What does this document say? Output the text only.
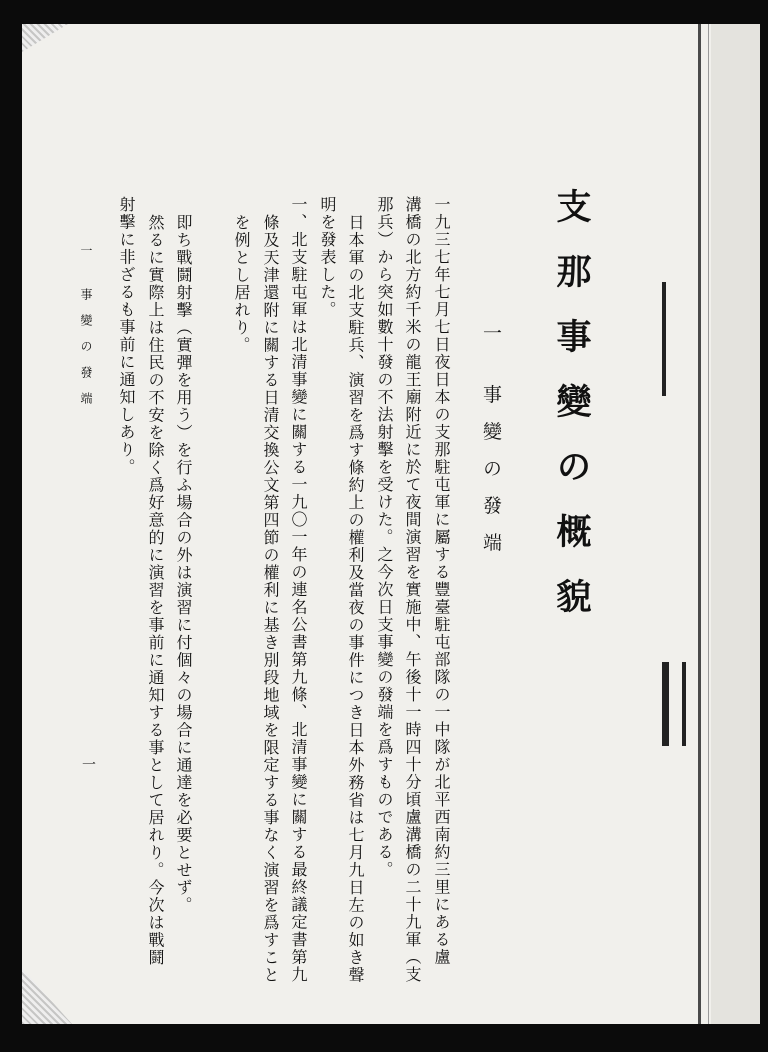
支那事變の概貌
一 事變の發端
一九三七年七月七日夜日本の支那駐屯軍に屬する豐臺駐屯部隊の一中隊が北平西南約三里にある盧
溝橋の北方約千米の龍王廟附近に於て夜間演習を實施中、午後十一時四十分頃盧溝橋の二十九軍（支
那兵）から突如數十發の不法射擊を受けた。之今次日支事變の發端を爲すものである。
日本軍の北支駐兵、演習を爲す條約上の權利及當夜の事件につき日本外務省は七月九日左の如き聲
明を發表した。
一、北支駐屯軍は北清事變に關する一九〇一年の連名公書第九條、北清事變に關する最終議定書第九
條及天津還附に關する日清交換公文第四節の權利に基き別段地域を限定する事なく演習を爲すこと
を例とし居れり。
即ち戰鬪射擊（實彈を用う）を行ふ場合の外は演習に付個々の場合に通達を必要とせず。
然るに實際上は住民の不安を除く爲好意的に演習を事前に通知する事として居れり。今次は戰鬪
射擊に非ざるも事前に通知しあり。
一 事變の發端
一
